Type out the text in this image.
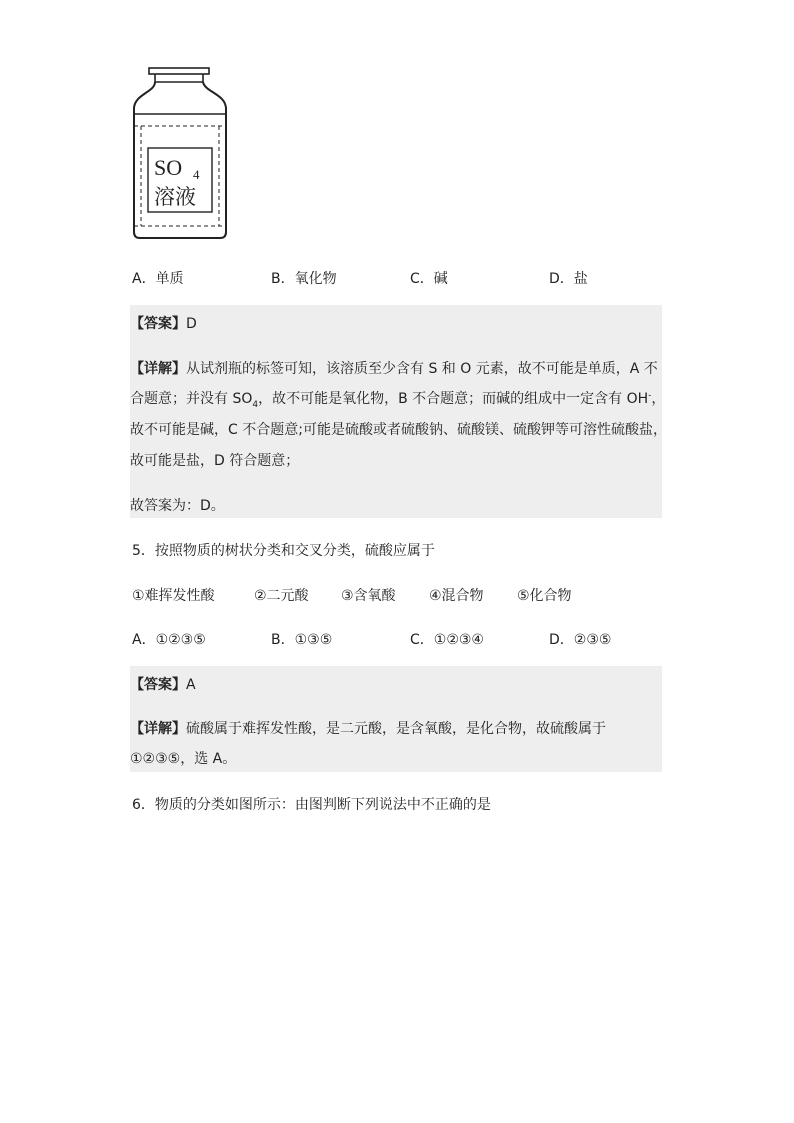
SO 4
溶液
A．单质	B．氧化物	C．碱	D．盐
【答案】D
【详解】从试剂瓶的标签可知，该溶质至少含有 S 和 O 元素，故不可能是单质，A 不
合题意；并没有 $SO_4$，故不可能是氧化物，B 不合题意；而碱的组成中一定含有 OH-，
故不可能是碱，C 不合题意;可能是硫酸或者硫酸钠、硫酸镁、硫酸钾等可溶性硫酸盐，
故可能是盐，D 符合题意；
故答案为：D。
5．按照物质的树状分类和交叉分类，硫酸应属于
①难挥发性酸	②二元酸	③含氧酸	④混合物	⑤化合物
A．①②③⑤	B．①③⑤	C．①②③④	D．②③⑤
【答案】A
【详解】硫酸属于难挥发性酸，是二元酸，是含氧酸，是化合物，故硫酸属于
①②③⑤，选 A。
6．物质的分类如图所示：由图判断下列说法中不正确的是
